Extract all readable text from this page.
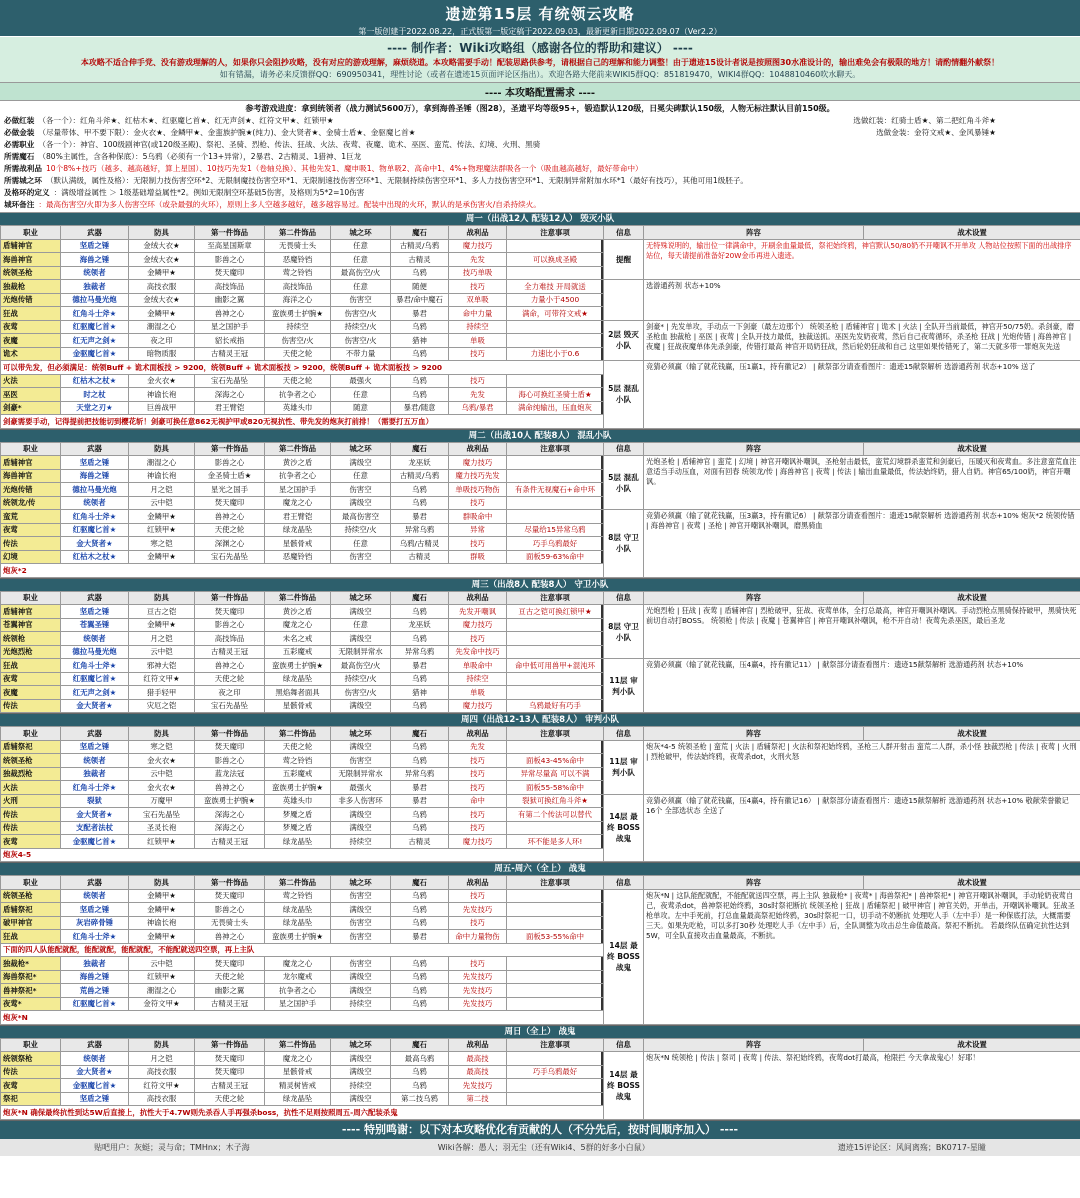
遗迹第15层 有统领云攻略
第一版创建于2022.08.22，正式版第一版定稿于2022.09.03，最新更新日期2022.09.07（Ver2.2）
---- 制作者：Wiki攻略组（感谢各位的帮助和建议） ----
本攻略不适合伸手党、没有游戏理解的人，如果你只会阻抄攻略，没有对应的游戏理解，麻烦绕道。本攻略需要手动！配装思路供参考，请根据自己的理解和能力调整！由于遗迹15设计者说是按照图30水准设计的，输出难免会有极限的地方！请酌情翻外献祭！
如有错漏，请务必来反馈群QQ：690950341，理性讨论（或者在遗迹15页面评论区指出）。欢迎各路大佬前来WIKI5群QQ：851819470，WIKI4群QQ：1048810460吹水聊天。
---- 本攻略配置需求 ----
参考游戏进度：拿到统领者（战力测试5600万），拿到海兽圣锤（图28），圣遗平均等级95+，锻造默认120级，日冕尖碑默认150级，人物无标注默认目前150级。
必做红装 （各一个）：红角斗斧★、红枯木★、红驱魔匕首★、红无声剑★、红符文甲★、红锁甲★	选做红装：红骑士盾★、第二把红角斗斧★
必做金装 （尽量带体、甲不要下限）：金火衣★、金鳞甲★、金蛮族护腕★(纯力)、金大贤者★、金骑士盾★、金驱魔匕首★	选做金装：金符文戒★、金风暴锤★
必需职业 （各一个）：神官、100级剧神官(或120级圣殿)、祭祀、圣骑、烈枪、传法、狂战、火法、夜莺、夜魔、诡术、巫医、蛮荒、传法、幻境、火刑、黑骑
所需魔石 （80%主属性，含各种保底）：5乌鸦（必须有一个13+异常），2暴君、2古精灵、1猎神、1巨龙
所需战利品 10个8%+技巧（越多、越高越好，算上星国）、10技巧先发1（卷轴兑换）、其他先发1、魔申吸1、物单吸2、高命中1、4%+物理魔法群吸各一个（吸血越高越好，最好带命中）
所需城之环 （默认满级，属性及格）：无限制力技伤害空环*2、无限制魔技伤害空环*1、无限制速技伤害空环*1、无限制持续伤害空环*1、多人力技伤害空环*1、无限制异常附加水环*1（最好有技巧），其他可用1级胚子。
及格环的定义 ：满级增益属性 ＞ 1级基础增益属性*2。例如无限制空环基础5伤害，及格则为5*2=10伤害
城环备注 ：最高伤害空/火即为多人伤害空环（或杂最强的火环），原则上多人空越多越好，越多越容易过。配装中出现的火环，默认的是承伤害火/自杀持续火。
周一（出战12人 配装12人） 毁灭小队
职业	武器	防具	第一件饰品	第二件饰品	城之环	魔石	战利品	注意事项
盾辅神官	坚盾之锤	金绒大衣★	至高星国斯章	无畏骑士头	任意	古精灵/乌鸦	魔力技巧	
海兽神官	海兽之锤	金绒大衣★	影兽之心	恶魔铃铛	任意	古精灵	先发	可以换成圣殿
统领圣枪	统领者	金鳞甲★	焚天魔印	莺之铃铛	最高伤空/火	乌鸦	技巧单吸	
独裁枪	独裁者	高技衣服	高技饰品	高技饰品	任意	随便	技巧	全力难技 开局就送
光炮传错	德拉马曼光炮	金绒大衣★	幽影之翼	海洋之心	伤害空	暴君/命中魔石	双单吸	力量小于4500
狂战	红角斗士斧★	金鳞甲★	兽神之心	蛮族勇士护腕★	伤害空/火	暴君	命中力量	满命，可带符文戒★
夜莺	红驱魔匕首★	潮湿之心	星之国护手	持续空	持续空/火	乌鸦	持续空	
夜魔	红无声之剑★	夜之印	貂长戒指	伤害空/火	伤害空/火	猎神	单吸	
诡术	金驱魔匕首★	暗物质服	古精灵王冠	天使之轮	不带力量	乌鸦	技巧	力速比小于0.6
可以带先发，但必须满足：统领Buff + 诡术面板技 > 9200，统领Buff + 诡术面板技 > 9200，统领Buff + 诡术面板技 > 9200								
火法	红枯木之杖★	金火衣★	宝石先晶坠	天使之轮	最强火	乌鸦	技巧	
巫医	时之杖	神谕长袍	深海之心	抗争者之心	任意	乌鸦	先发	海心可换红圣骑士盾★
剑豪*	天堂之刃★	巨兽战甲	君王臂铠	英雄头巾	随意	暴君/随意	乌鸦/暴君	满命纯输出，压血炮灰
剑豪需要手动，记得提前把技能切到樱花斩！剑豪可换任意862无视护甲或820无视抗性、带先发的炮灰打前排！（需要打五万血）								
信息	阵容	战术设置
提醒	无特殊说明的，输出位一律满命中，开刷余血量最低，祭祀始终鸦，神官默认50/80奶不开嘲讽不开单攻 人物站位按照下面的出战排序站位，每天请提前准备好20W金币再进入遗迹。	
	选游通药剂 状态+10%	
2层 毁灭小队	剑豪* | 先发单攻，手动点一下剑豪（最左边那个） 统领圣枪 | 盾辅神官 | 诡术 | 火法 | 全队开当前最低，神官开50/75奶。杀剑豪，磨圣枪血 独裁枪 | 巫医 | 夜莺 | 全队开技力最低，独裁送抓。巫医先发奶夜莺，然后自己夜莺循环，杀圣枪 狂战 | 光炮传错 | 海兽神官 | 夜魔 | 狂战夜魔单体先杀剑豪，传错打最高 神官开局奶狂战，然后轮奶狂战和自己 这里如果传错死了，第二天就多带一罪炮灰先送	
5层 混乱小队	竞猜必须赢（输了就花钱赢，压1赢1，持有徽记2） | 献祭部分请查看图片：遗迹15献祭解析 选游通药剂 状态+10% 送了	
周二（出战10人 配装8人） 混乱小队
职业	武器	防具	第一件饰品	第二件饰品	城之环	魔石	战利品	注意事项
盾辅神官	坚盾之锤	潮湿之心	影兽之心	黄沙之盾	满级空	龙巫妖	魔力技巧	
海兽神官	海兽之锤	神谕长袍	金圣骑士盾★	抗争者之心	任意	古精灵/乌鸦	魔力技巧先发	
光炮传错	德拉马曼光炮	月之铠	星光之国手	星之国护手	伤害空	乌鸦	单吸技巧物伤	有条件无视魔石+命中环
统领龙/传	统领者	云中铠	焚天魔印	魔龙之心	满级空	乌鸦	技巧	
蛮荒	红角斗士斧★	金鳞甲★	兽神之心	君王臂铠	最高伤害空	暴君	群吸命中	
夜莺	红驱魔匕首★	红锁甲★	天使之轮	绿龙晶坠	持续空/火	异常乌鸦	异常	尽量给15异常乌鸦
传法	金大贤者★	寒之铠	深渊之心	星骸骨戒	任意	乌鸦/古精灵	技巧	巧手乌鸦最好
幻境	红枯木之杖★	金鳞甲★	宝石先晶坠	恶魔铃铛	伤害空	古精灵	群吸	面板59-63%命中
炮灰*2								
信息	阵容	战术设置
5层 混乱小队	光炮圣枪 | 盾辅神官 | 蛮荒 | 幻境 | 神官开嘲讽补嘲讽，圣枪射击最低，蛮荒幻境群杀蛮荒和剑豪后，压暖灭和夜莺血。多注意蛮荒血注意适当手动压血，对面有回春 统领龙/传 | 海兽神官 | 夜莺 | 传法 | 输出血量最低，传法始终奶，猎人自奶。神官65/100奶，神官开嘲讽。	
8层 守卫小队	竞猜必须赢（输了就花钱赢，压3赢3，持有徽记6） | 献祭部分请查看图片：遗迹15献祭解析 选游通药剂 状态+10% 炮灰*2 统领传错 | 海兽神官 | 夜莺 | 圣枪 | 神官开嘲讽补嘲讽，磨黑骑血	
周三（出战8人 配装8人） 守卫小队
职业	武器	防具	第一件饰品	第二件饰品	城之环	魔石	战利品	注意事项
盾辅神官	坚盾之锤	亘古之铠	焚天魔印	黄沙之盾	满级空	乌鸦	先发开嘲讽	亘古之铠可换红锁甲★
苍翼神官	苍翼圣锤	金鳞甲★	影兽之心	魔龙之心	任意	龙巫妖	魔力技巧	
统领枪	统领者	月之铠	高技饰品	未名之戒	满级空	乌鸦	技巧	
光炮烈枪	德拉马曼光炮	云中铠	古精灵王冠	五彩魔戒	无限制异常水	异常乌鸦	先发命中技巧	
狂战	红角斗士斧★	邪神大铠	兽神之心	蛮族勇士护腕★	最高伤空/火	暴君	单吸命中	命中低可用兽甲+混沌环
夜莺	红驱魔匕首★	红符文甲★	天使之轮	绿龙晶坠	持续空/火	乌鸦	持续空	
夜魔	红无声之剑★	猎手轻甲	夜之印	黑焰舞者面具	伤害空/火	猎神	单吸	
传法	金大贤者★	灾厄之铠	宝石先晶坠	星骸骨戒	满级空	乌鸦	魔力技巧	乌鸦最好有巧手
信息	阵容	战术设置
8层 守卫小队	光炮烈枪 | 狂战 | 夜莺 | 盾辅神官 | 烈枪破甲，狂战、夜莺单体，全打总最高，神官开嘲讽补嘲讽。手动烈枪点黑骑保持破甲，黑骑快死前切自动打BOSS。 统领枪 | 传法 | 夜魔 | 苍翼神官 | 神官开嘲讽补嘲讽，枪不开自动！夜莺先杀巫医，最后圣龙	
11层 审判小队	竞猜必须赢（输了就花钱赢，压4赢4，持有徽记11） | 献祭部分请查看图片：遗迹15献祭解析 选游通药剂 状态+10%	
周四（出战12-13人 配装8人） 审判小队
职业	武器	防具	第一件饰品	第二件饰品	城之环	魔石	战利品	注意事项
盾辅祭祀	坚盾之锤	寒之铠	焚天魔印	天使之轮	满级空	乌鸦	先发	
统领圣枪	统领者	金火衣★	影兽之心	莺之铃铛	伤害空	乌鸦	技巧	面板43-45%命中
独裁烈枪	独裁者	云中铠	蓝龙法冠	五彩魔戒	无限制异常水	异常乌鸦	技巧	异常尽量高 可以不满
火法	红角斗士斧★	金火衣★	兽神之心	蛮族勇士护腕★	最强火	暴君	技巧	面板55-58%命中
火刑	裂狱	万魔甲	蛮族勇士护腕★	英雄头巾	非多人伤害环	暴君	命中	裂狱可换红角斗斧★
传法	金大贤者★	宝石先晶坠	深海之心	梦魇之盾	满级空	乌鸦	技巧	有第二个传法可以替代
传法	支配者法杖	圣灵长袍	深海之心	梦魇之盾	满级空	乌鸦	技巧	
夜莺	金驱魔匕首★	红锁甲★	古精灵王冠	绿龙晶坠	持续空	古精灵	魔力技巧	环不能是多人环!
炮灰4-5								
信息	阵容	战术设置
11层 审判小队	炮灰*4-5 统领圣枪 | 蛮荒 | 火法 | 盾辅祭祀 | 火法和祭祀始终鸦，圣枪三人群开射击 蛮荒二人群，杀小怪 独裁烈枪 | 传法 | 夜莺 | 火刑 | 烈枪破甲，传法始终鸦，夜莺杀dot，火刑火怒	
14层 最终 BOSS 战鬼	竞猜必须赢（输了就花钱赢，压4赢4，持有徽记16） | 献祭部分请查看图片：遗迹15献祭解析 选游通药剂 状态+10% 敬献荣誉徽记 16个 全部选状态 全送了	
周五-周六（全上） 战鬼
职业	武器	防具	第一件饰品	第二件饰品	城之环	魔石	战利品	注意事项
统领圣枪	统领者	金鳞甲★	焚天魔印	莺之铃铛	伤害空	乌鸦	技巧	
盾辅祭祀	坚盾之锤	金鳞甲★	影兽之心	绿龙晶坠	满级空	乌鸦	先发技巧	
破甲神官	灰岩碎骨锤	神谕长袍	无畏骑士头	绿龙晶坠	伤害空	乌鸦	技巧	
狂战	红角斗士斧★	金鳞甲★	兽神之心	蛮族勇士护腕★	伤害空	暴君	命中力量物伤	面板53-55%命中
下面的四人队能配就配，能配就配，能配就配，不能配就送四空票，再上主队								
独裁枪*	独裁者	云中铠	焚天魔印	魔龙之心	伤害空	乌鸦	技巧	
海兽祭祀*	海兽之锤	红锁甲★	天使之轮	龙尔魔戒	满级空	乌鸦	先发技巧	
兽神祭祀*	荒兽之锤	潮湿之心	幽影之翼	抗争者之心	满级空	乌鸦	先发技巧	
夜莺*	红驱魔匕首★	金符文甲★	古精灵王冠	星之国护手	持续空	乌鸦	先发技巧	
炮灰*N								
信息	阵容	战术设置
14层 最终 BOSS 战鬼	炮灰*N | 这队能配就配，不能配就送四空票，再上主队 独裁枪* | 夜莺* | 海兽祭祀* | 兽神祭祀* | 神官开嘲讽补嘲讽，手动轮奶夜莺自己，夜莺杀dot，兽神祭祀始终鸦，30s时祭祀断抗 统领圣枪 | 狂战 | 盾辅祭祀 | 破甲神官 | 神官关奶，开单击，开嘲讽补嘲讽。狂战圣枪单攻。左中手死前，打总血量最高祭祀始终鸦，30s时祭祀一口，切手动不奶断抗 处理吃人手（左中手）是一种保底打法，大概需要三天。如果先吃枪，可以多打30秒 处理吃人手（左中手）后，全队调整为攻击总生命值最高。祭祀不断抗。 若最终队伍确定抗性达到5W，可全队直接攻击血量最高，不断抗。	
周日（全上） 战鬼
职业	武器	防具	第一件饰品	第二件饰品	城之环	魔石	战利品	注意事项
统领祭枪	统领者	月之铠	焚天魔印	魔龙之心	满级空	最高乌鸦	最高技	
传法	金大贤者★	高技衣服	焚天魔印	星骸骨戒	满级空	乌鸦	最高技	巧手乌鸦最好
夜莺	金驱魔匕首★	红符文甲★	古精灵王冠	精灵树皆戒	持续空	乌鸦	先发技巧	
祭祀	坚盾之锤	高技衣服	天使之轮	绿龙晶坠	满级空	第二技乌鸦	第二技	
炮灰*N 确保最终抗性到达5W后直接上，抗性大于4.7W则先杀吞人手再强杀boss，抗性不足则按照周五-周六配装杀鬼								
信息	阵容	战术设置
14层 最终 BOSS 战鬼	炮灰*N 统领枪 | 传法 | 祭司 | 夜莺 | 传法、祭祀始终鸦，夜莺dot打最高，枪限拦 今天拿战鬼心！好耶！	
---- 特别鸣谢：以下对本攻略优化有贡献的人（不分先后，按时间顺序加入） ----
贴吧用户：灰蜓；灵与命；TMHnx；木子海	Wiki各解：愚人；羽无尘（还有Wiki4、5群的好多小白鼠）	遗迹15评论区：风间离殇；BK0717-星瞳
